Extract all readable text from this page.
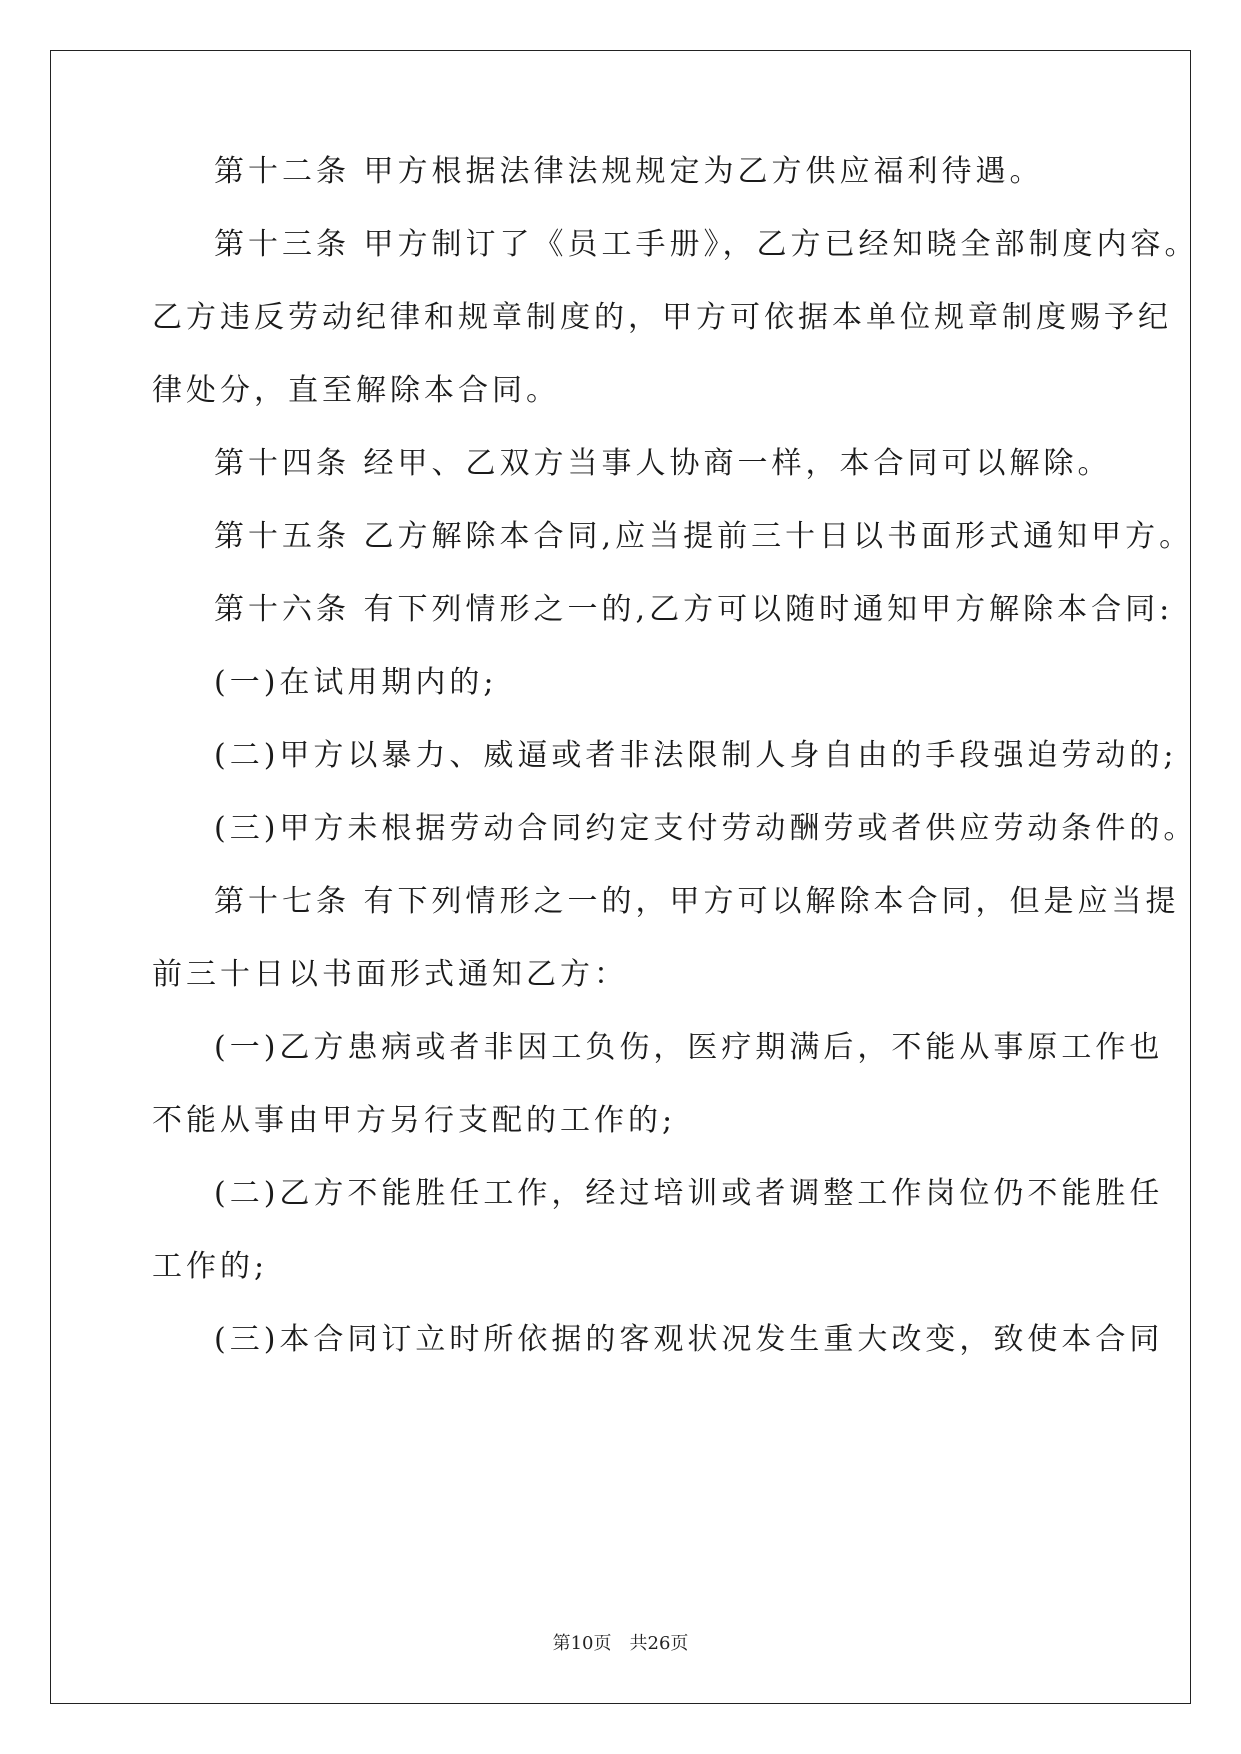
第十二条 甲方根据法律法规规定为乙方供应福利待遇。
第十三条 甲方制订了《员工手册》，乙方已经知晓全部制度内容。
乙方违反劳动纪律和规章制度的，甲方可依据本单位规章制度赐予纪
律处分，直至解除本合同。
第十四条 经甲、乙双方当事人协商一样，本合同可以解除。
第十五条 乙方解除本合同,应当提前三十日以书面形式通知甲方。
第十六条 有下列情形之一的,乙方可以随时通知甲方解除本合同:
(一)在试用期内的;
(二)甲方以暴力、威逼或者非法限制人身自由的手段强迫劳动的;
(三)甲方未根据劳动合同约定支付劳动酬劳或者供应劳动条件的。
第十七条 有下列情形之一的，甲方可以解除本合同，但是应当提
前三十日以书面形式通知乙方：
(一)乙方患病或者非因工负伤，医疗期满后，不能从事原工作也
不能从事由甲方另行支配的工作的;
(二)乙方不能胜任工作，经过培训或者调整工作岗位仍不能胜任
工作的;
(三)本合同订立时所依据的客观状况发生重大改变，致使本合同
第10页 共26页
